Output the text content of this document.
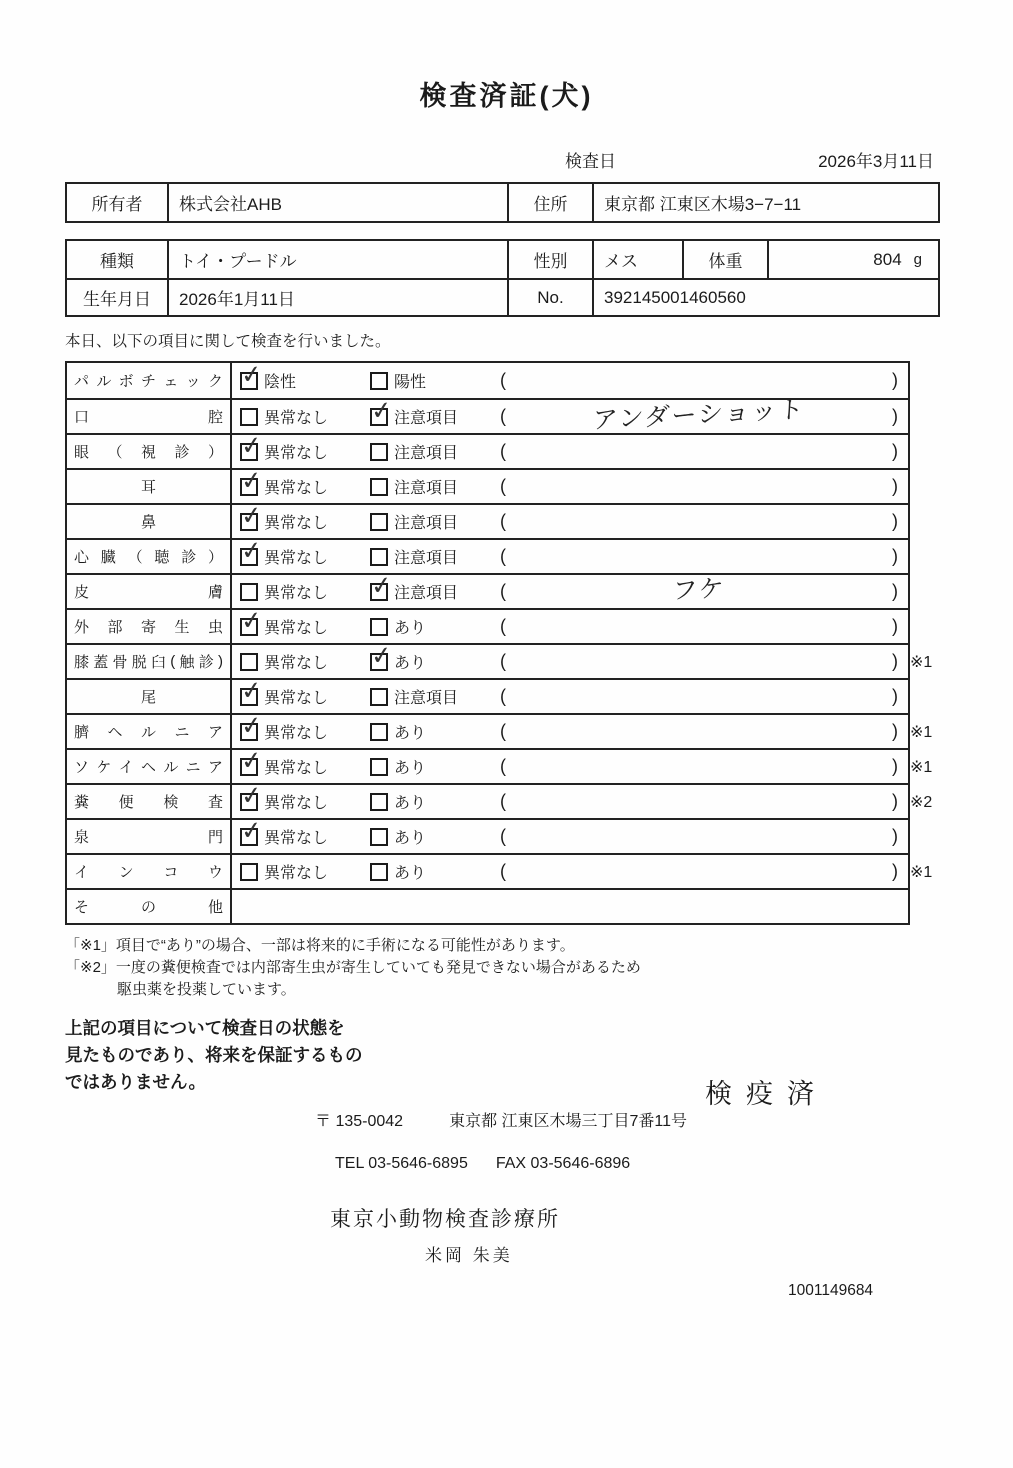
検査済証(犬)
検査日	2026年3月11日
所有者	株式会社AHB	住所	東京都 江東区木場3−7−11
種類	トイ・プードル	性別	メス	体重	804 g
生年月日	2026年1月11日	No.	392145001460560
本日、以下の項目に関して検査を行いました。
パ ル ボ チ ェ ッ ク ✓	陰性	陽性	(	)
口	腔	異常なし ✓	注意項目 (	アンダーショット	)
眼 （ 視 診 ） ✓	異常なし	注意項目 (	)
耳 ✓	異常なし	注意項目 (	)
鼻 ✓	異常なし	注意項目 (	)
心 臓 （ 聴 診 ） ✓	異常なし	注意項目 (	)
皮	膚	異常なし ✓	注意項目 (	フケ	)
外 部 寄 生 虫 ✓	異常なし	あり	(	)
膝 蓋 骨 脱 臼 ( 触 診 )	異常なし ✓	あり	(	) ※1
尾 ✓	異常なし	注意項目 (	)
臍 ヘ ル ニ ア ✓	異常なし	あり	(	) ※1
ソ ケ イ ヘ ル ニ ア ✓	異常なし	あり	(	) ※1
糞 便 検 査 ✓	異常なし	あり	(	) ※2
泉	門 ✓	異常なし	あり	(	)
イ ン コ ウ	異常なし	あり	(	) ※1
そ	の	他
「※1」項目で“あり”の場合、一部は将来的に手術になる可能性があります。
「※2」一度の糞便検査では内部寄生虫が寄生していても発見できない場合があるため
駆虫薬を投薬しています。
上記の項目について検査日の状態を
見たものであり、将来を保証するもの
ではありません。	検疫済
〒 135-0042	東京都 江東区木場三丁目7番11号
TEL 03-5646-6895 FAX 03-5646-6896
東京小動物検査診療所
米岡 朱美
1001149684
